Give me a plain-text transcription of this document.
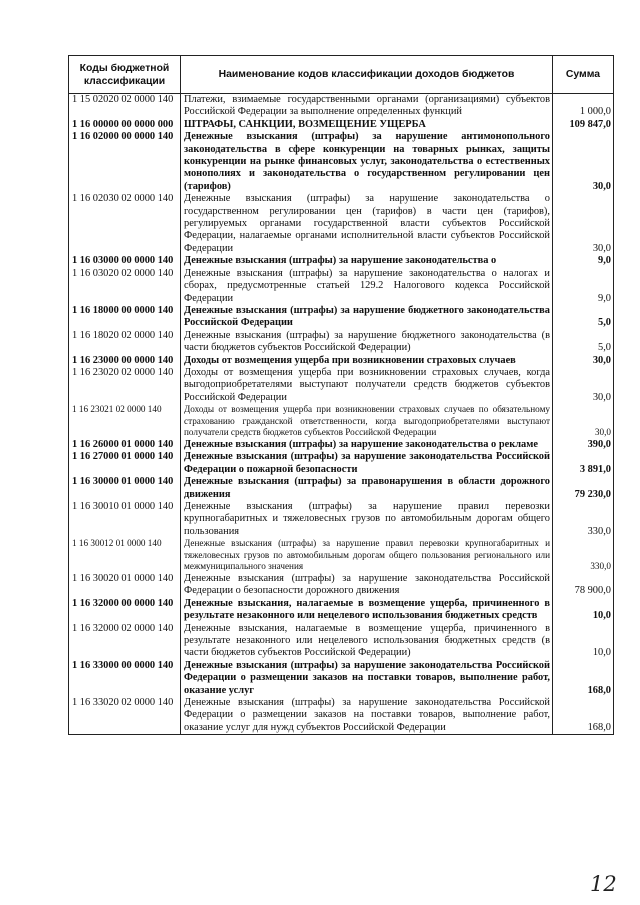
Коды бюджетной классификации	Наименование кодов классификации доходов бюджетов	Сумма
1 15 02020 02 0000 140	Платежи, взимаемые государственными органами (организациями) субъектов Российской Федерации за выполнение определенных функций	1 000,0
1 16 00000 00 0000 000	ШТРАФЫ, САНКЦИИ, ВОЗМЕЩЕНИЕ УЩЕРБА	109 847,0
1 16 02000 00 0000 140	Денежные взыскания (штрафы) за нарушение антимонопольного законодательства в сфере конкуренции на товарных рынках, защиты конкуренции на рынке финансовых услуг, законодательства о естественных монополиях и законодательства о государственном регулировании цен (тарифов)	30,0
1 16 02030 02 0000 140	Денежные взыскания (штрафы) за нарушение законодательства о государственном регулировании цен (тарифов) в части цен (тарифов), регулируемых органами государственной власти субъектов Российской Федерации, налагаемые органами исполнительной власти субъектов Российской Федерации	30,0
1 16 03000 00 0000 140	Денежные взыскания (штрафы) за нарушение законодательства о	9,0
1 16 03020 02 0000 140	Денежные взыскания (штрафы) за нарушение законодательства о налогах и сборах, предусмотренные статьей 129.2 Налогового кодекса Российской Федерации	9,0
1 16 18000 00 0000 140	Денежные взыскания (штрафы) за нарушение бюджетного законодательства Российской Федерации	5,0
1 16 18020 02 0000 140	Денежные взыскания (штрафы) за нарушение бюджетного законодательства (в части бюджетов субъектов Российской Федерации)	5,0
1 16 23000 00 0000 140	Доходы от возмещения ущерба при возникновении страховых случаев	30,0
1 16 23020 02 0000 140	Доходы от возмещения ущерба при возникновении страховых случаев, когда выгодоприобретателями выступают получатели средств бюджетов субъектов Российской Федерации	30,0
1 16 23021 02 0000 140	Доходы от возмещения ущерба при возникновении страховых случаев по обязательному страхованию гражданской ответственности, когда выгодоприобретателями выступают получатели средств бюджетов субъектов Российской Федерации	30,0
1 16 26000 01 0000 140	Денежные взыскания (штрафы) за нарушение законодательства о рекламе	390,0
1 16 27000 01 0000 140	Денежные взыскания (штрафы) за нарушение законодательства Российской Федерации о пожарной безопасности	3 891,0
1 16 30000 01 0000 140	Денежные взыскания (штрафы) за правонарушения в области дорожного движения	79 230,0
1 16 30010 01 0000 140	Денежные взыскания (штрафы) за нарушение правил перевозки крупногабаритных и тяжеловесных грузов по автомобильным дорогам общего пользования	330,0
1 16 30012 01 0000 140	Денежные взыскания (штрафы) за нарушение правил перевозки крупногабаритных и тяжеловесных грузов по автомобильным дорогам общего пользования регионального или межмуниципального значения	330,0
1 16 30020 01 0000 140	Денежные взыскания (штрафы) за нарушение законодательства Российской Федерации о безопасности дорожного движения	78 900,0
1 16 32000 00 0000 140	Денежные взыскания, налагаемые в возмещение ущерба, причиненного в результате незаконного или нецелевого использования бюджетных средств	10,0
1 16 32000 02 0000 140	Денежные взыскания, налагаемые в возмещение ущерба, причиненного в результате незаконного или нецелевого использования бюджетных средств (в части бюджетов субъектов Российской Федерации)	10,0
1 16 33000 00 0000 140	Денежные взыскания (штрафы) за нарушение законодательства Российской Федерации о размещении заказов на поставки товаров, выполнение работ, оказание услуг	168,0
1 16 33020 02 0000 140	Денежные взыскания (штрафы) за нарушение законодательства Российской Федерации о размещении заказов на поставки товаров, выполнение работ, оказание услуг для нужд субъектов Российской Федерации	168,0
12
